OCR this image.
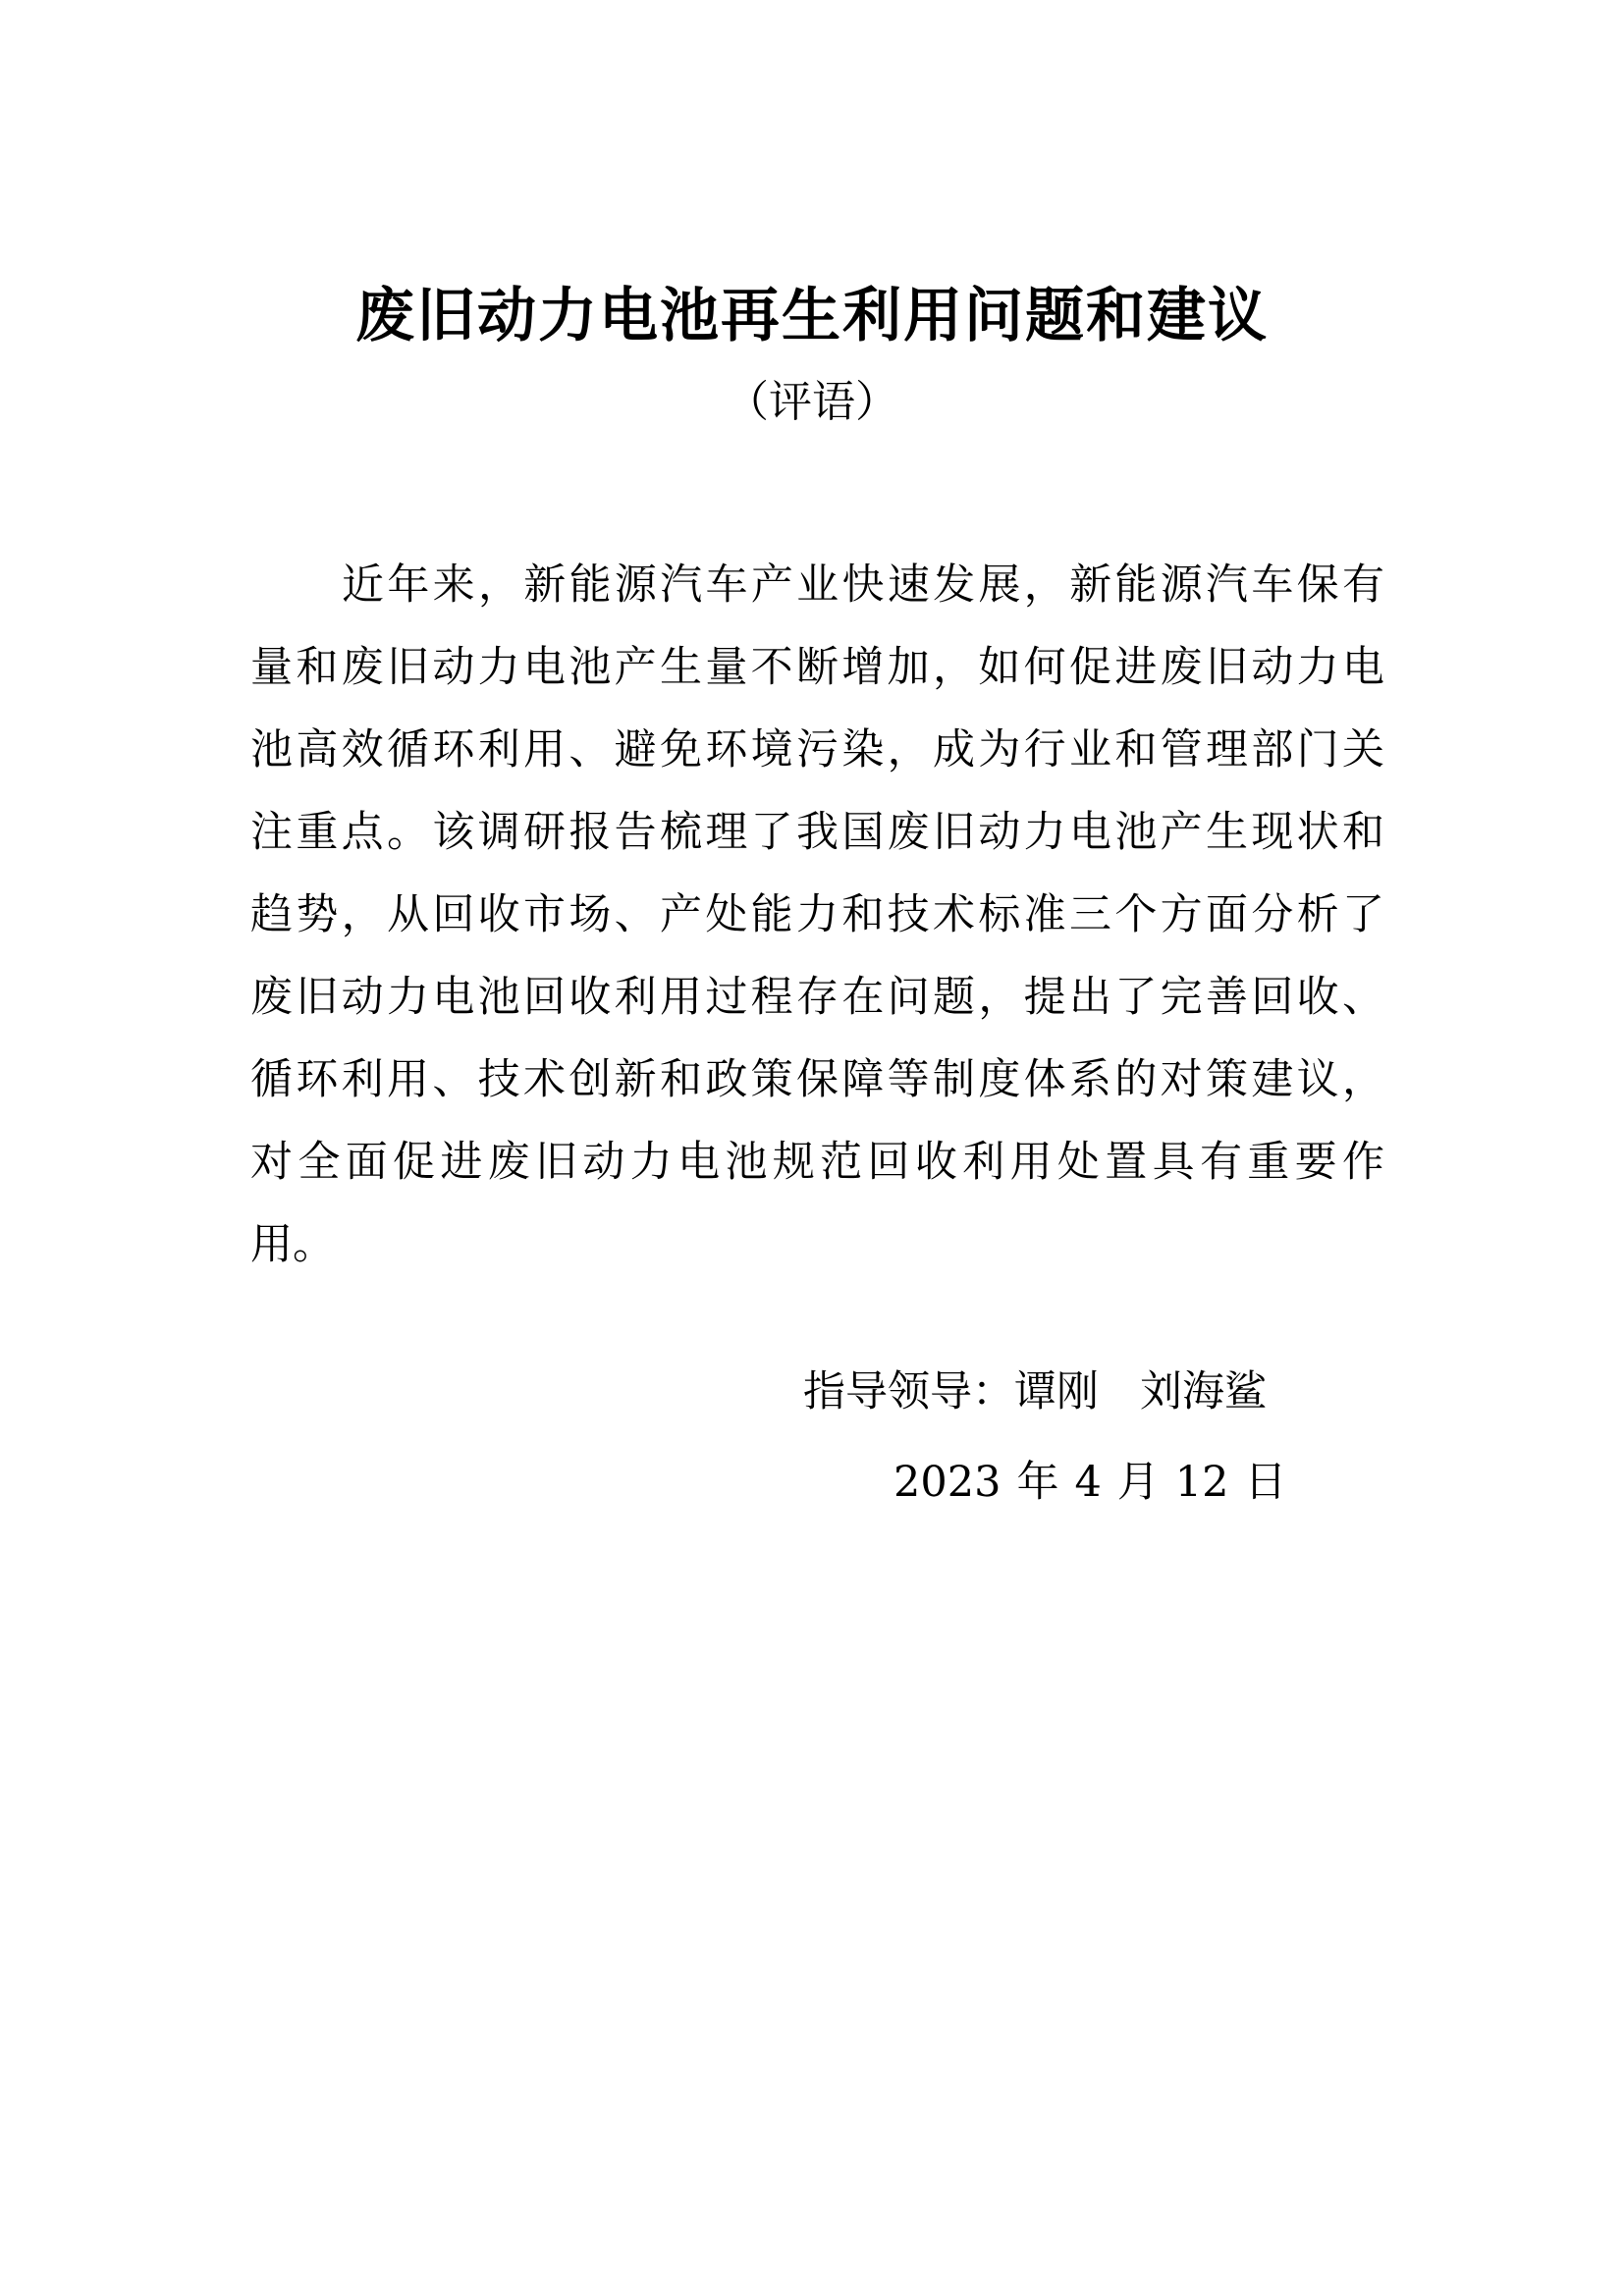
废旧动力电池再生利用问题和建议
（评语）
近年来，新能源汽车产业快速发展，新能源汽车保有
量和废旧动力电池产生量不断增加，如何促进废旧动力电
池高效循环利用、避免环境污染，成为行业和管理部门关
注重点。该调研报告梳理了我国废旧动力电池产生现状和
趋势，从回收市场、产处能力和技术标准三个方面分析了
废旧动力电池回收利用过程存在问题，提出了完善回收、
循环利用、技术创新和政策保障等制度体系的对策建议，
对全面促进废旧动力电池规范回收利用处置具有重要作
用。
指导领导：谭刚 刘海鲨
2023 年 4 月 12 日
